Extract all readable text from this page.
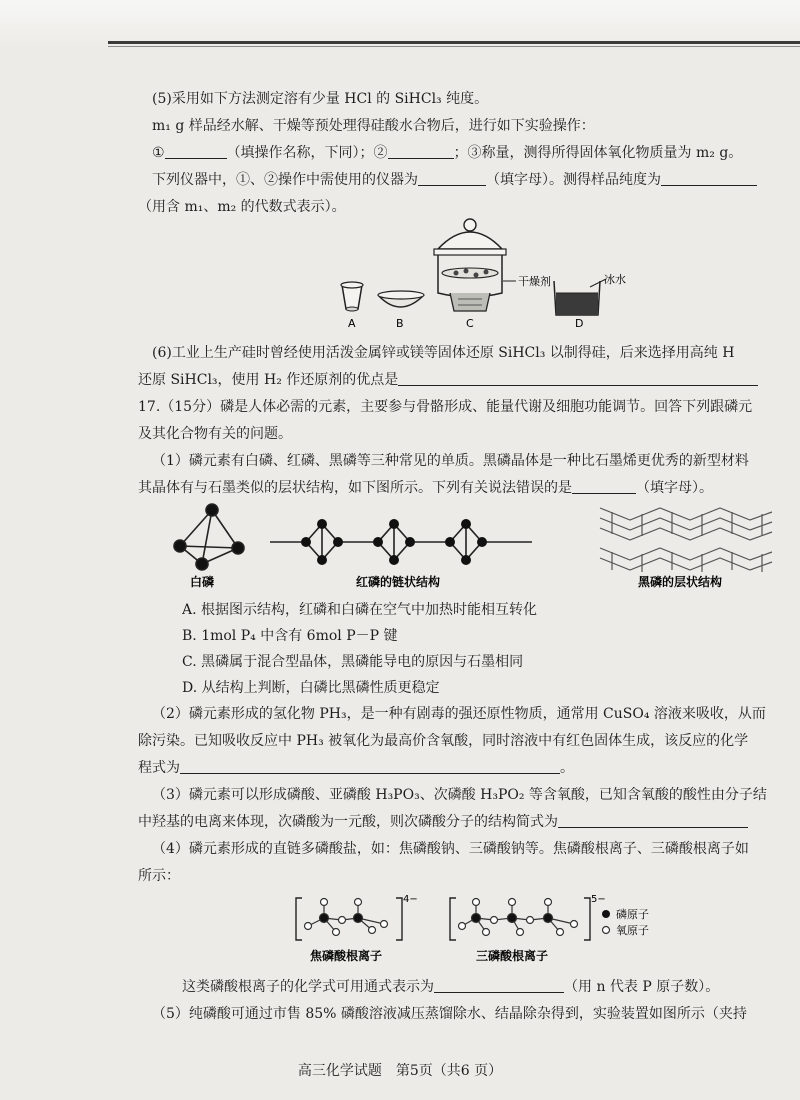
(5)采用如下方法测定溶有少量 HCl 的 SiHCl₃ 纯度。
m₁ g 样品经水解、干燥等预处理得硅酸水合物后，进行如下实验操作：
①	（填操作名称，下同）；②	；③称量，测得所得固体氧化物质量为 m₂ g。
下列仪器中，①、②操作中需使用的仪器为	（填字母）。测得样品纯度为
（用含 m₁、m₂ 的代数式表示）。
A	B
干燥剂
C
冰水
D
(6)工业上生产硅时曾经使用活泼金属锌或镁等固体还原 SiHCl₃ 以制得硅，后来选择用高纯 H
还原 SiHCl₃，使用 H₂ 作还原剂的优点是
17.（15分）磷是人体必需的元素，主要参与骨骼形成、能量代谢及细胞功能调节。回答下列跟磷元
及其化合物有关的问题。
（1）磷元素有白磷、红磷、黑磷等三种常见的单质。黑磷晶体是一种比石墨烯更优秀的新型材料
其晶体有与石墨类似的层状结构，如下图所示。下列有关说法错误的是	（填字母）。
白磷	红磷的链状结构	黑磷的层状结构
A. 根据图示结构，红磷和白磷在空气中加热时能相互转化
B. 1mol P₄ 中含有 6mol P－P 键
C. 黑磷属于混合型晶体，黑磷能导电的原因与石墨相同
D. 从结构上判断，白磷比黑磷性质更稳定
（2）磷元素形成的氢化物 PH₃，是一种有剧毒的强还原性物质，通常用 CuSO₄ 溶液来吸收，从而
除污染。已知吸收反应中 PH₃ 被氧化为最高价含氧酸，同时溶液中有红色固体生成，该反应的化学
程式为	。
（3）磷元素可以形成磷酸、亚磷酸 H₃PO₃、次磷酸 H₃PO₂ 等含氧酸，已知含氧酸的酸性由分子结
中羟基的电离来体现，次磷酸为一元酸，则次磷酸分子的结构简式为
（4）磷元素形成的直链多磷酸盐，如：焦磷酸钠、三磷酸钠等。焦磷酸根离子、三磷酸根离子如
所示：
4−
焦磷酸根离子
5−
三磷酸根离子
磷原子
氧原子
这类磷酸根离子的化学式可用通式表示为	（用 n 代表 P 原子数）。
（5）纯磷酸可通过市售 85% 磷酸溶液减压蒸馏除水、结晶除杂得到，实验装置如图所示（夹持
高三化学试题　第5页（共6 页）
